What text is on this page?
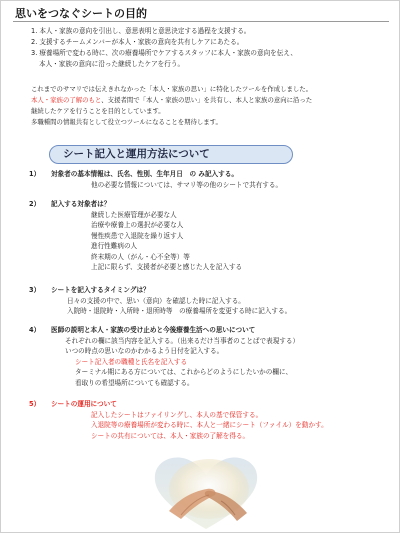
思いをつなぐシートの目的
1. 本人・家族の意向を引出し、意思表明と意思決定する過程を支援する。
2. 支援するチームメンバーが本人・家族の意向を共有しケアにあたる。
3. 療養場所で変わる時に、次の療養場所でケアするスタッフに本人・家族の意向を伝え、
本人・家族の意向に沿った継続したケアを行う。
これまでのサマリでは伝えきれなかった「本人・家族の思い」に特化したツールを作成しました。
本人・家族の了解のもと、支援者間で「本人・家族の思い」を共有し、本人と家族の意向に沿った
継続したケアを行うことを目的としています。
多職種間の情報共有として役立つツールになることを期待します。
シート記入と運用方法について
1） 対象者の基本情報は、氏名、性別、生年月日　の み記入する。
他の必要な情報については、サマリ等の他のシートで共有する。
2） 記入する対象者は？
継続した医療管理が必要な人
治療や療養上の選択が必要な人
慢性疾患で入退院を繰り返す人
進行性難病の人
終末期の人（がん・心不全等）等
上記に限らず、支援者が必要と感じた人を記入する
3） シートを記入するタイミングは？
日々の支援の中で、思い（意向）を確認した時に記入する。
入院時・退院時・入所時・退所時等　の療養場所を変更する時に記入する。
4） 医師の説明と本人・家族の受け止めと今後療養生活への思いについて
それぞれの欄に該当内容を記入する。（出来るだけ当事者のことばで表現する）
いつの時点の思いなのかわかるよう日付を記入する。
シート記入者の職種と氏名を記入する
ターミナル期にある方については、これからどのようにしたいかの欄に、
看取りの希望場所についても確認する。
5） シートの運用について
記入したシートはファイリングし、本人の基で保管する。
入退院等の療養場所が変わる時に、本人と一緒にシート（ファイル）を動かす。
シートの共有については、本人・家族の了解を得る。
